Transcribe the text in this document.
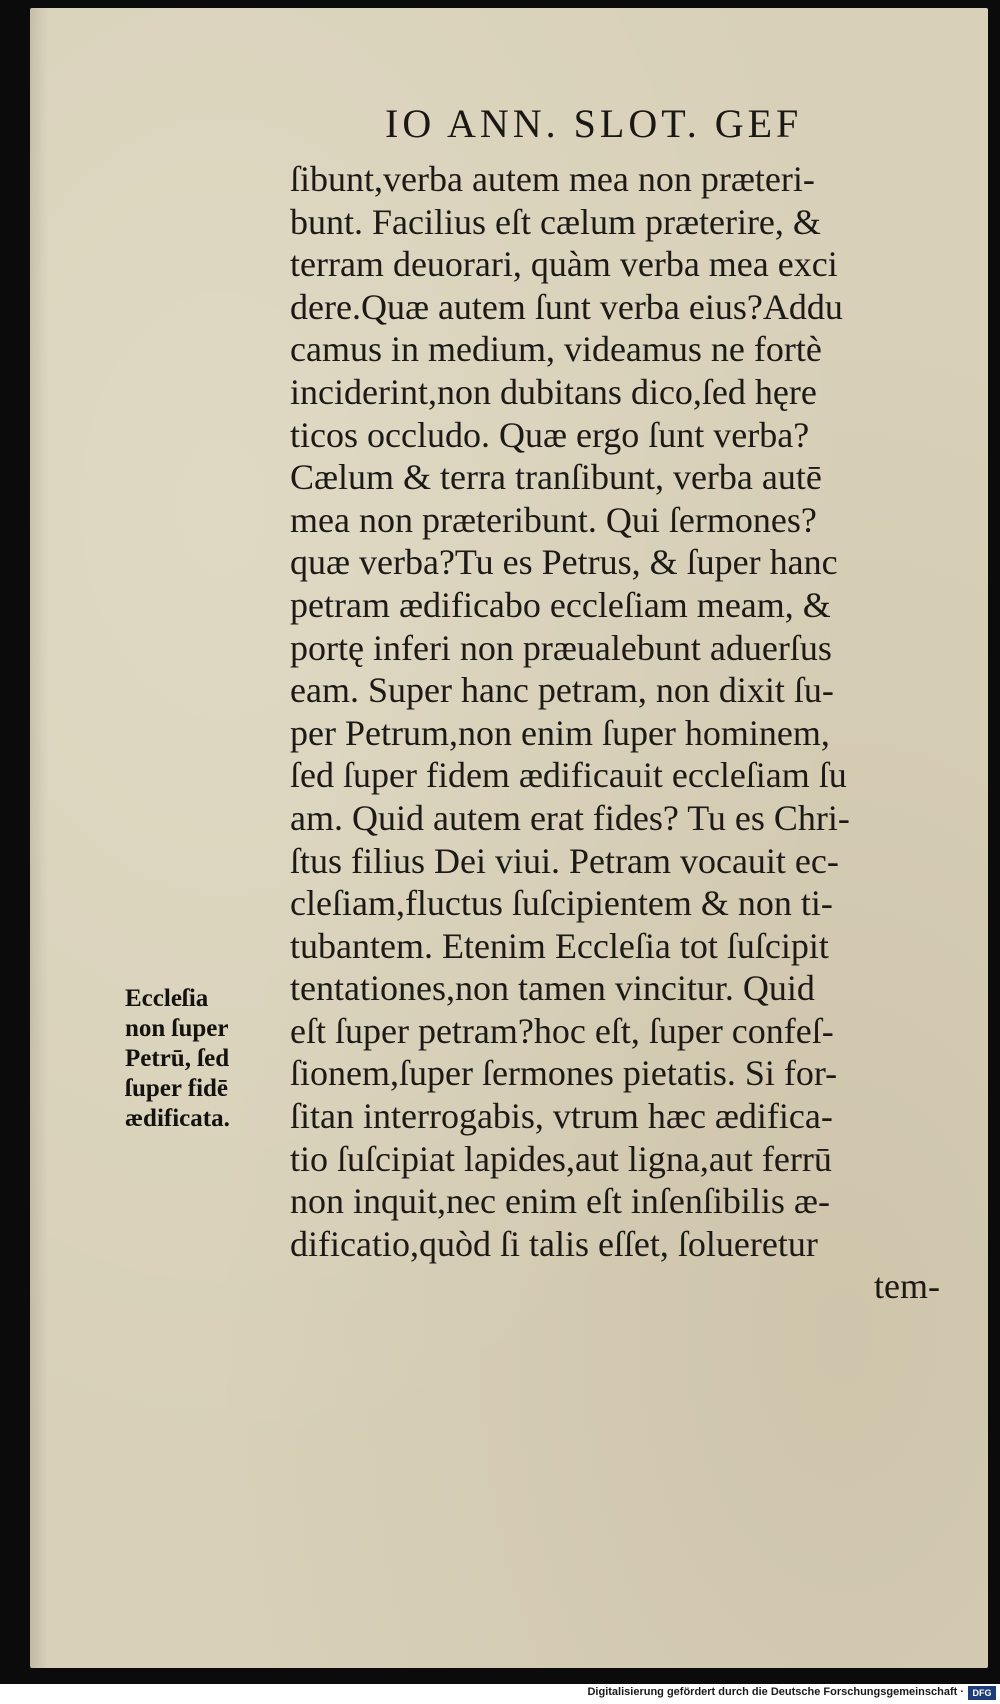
IO ANN. SLOT. GEF
ſibunt,verba autem mea non præteri-
bunt. Facilius eſt cælum præterire, &
terram deuorari, quàm verba mea exci
dere.Quæ autem ſunt verba eius?Addu
camus in medium, videamus ne fortè
inciderint,non dubitans dico,ſed hęre
ticos occludo. Quæ ergo ſunt verba?
Cælum & terra tranſibunt, verba autē
mea non præteribunt. Qui ſermones?
quæ verba?Tu es Petrus, & ſuper hanc
petram ædificabo eccleſiam meam, &
portę inferi non præualebunt aduerſus
eam. Super hanc petram, non dixit ſu-
per Petrum,non enim ſuper hominem,
ſed ſuper fidem ædificauit eccleſiam ſu
am. Quid autem erat fides? Tu es Chri-
ſtus filius Dei viui. Petram vocauit ec-
cleſiam,fluctus ſuſcipientem & non ti-
tubantem. Etenim Eccleſia tot ſuſcipit
tentationes,non tamen vincitur. Quid
eſt ſuper petram?hoc eſt, ſuper confeſ-
ſionem,ſuper ſermones pietatis. Si for-
ſitan interrogabis, vtrum hæc ædifica-
tio ſuſcipiat lapides,aut ligna,aut ferrū
non inquit,nec enim eſt inſenſibilis æ-
dificatio,quòd ſi talis eſſet, ſolueretur
tem-
Eccleſia
non ſuper
Petrū, ſed
ſuper fidē
ædificata.
Digitalisierung gefördert durch die Deutsche Forschungsgemeinschaft · DFG
